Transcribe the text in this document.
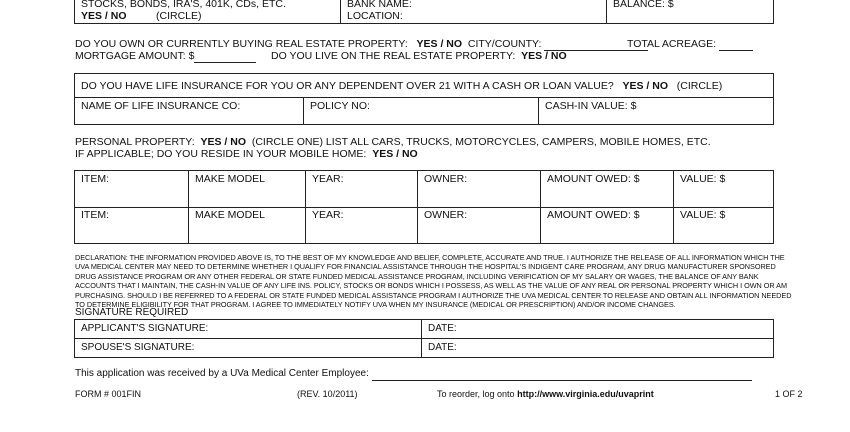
STOCKS, BONDS, IRA'S, 401K, CDs, ETC.
YES / NO	(CIRCLE)
BANK NAME:
LOCATION:
BALANCE: $
DO YOU OWN OR CURRENTLY BUYING REAL ESTATE PROPERTY: YES / NO CITY/COUNTY:	TOTAL ACREAGE:
MORTGAGE AMOUNT: $	DO YOU LIVE ON THE REAL ESTATE PROPERTY: YES / NO
DO YOU HAVE LIFE INSURANCE FOR YOU OR ANY DEPENDENT OVER 21 WITH A CASH OR LOAN VALUE? YES / NO (CIRCLE)
NAME OF LIFE INSURANCE CO:	POLICY NO:	CASH-IN VALUE: $
PERSONAL PROPERTY: YES / NO (CIRCLE ONE) LIST ALL CARS, TRUCKS, MOTORCYCLES, CAMPERS, MOBILE HOMES, ETC.
IF APPLICABLE; DO YOU RESIDE IN YOUR MOBILE HOME: YES / NO
ITEM:	MAKE MODEL	YEAR:	OWNER:	AMOUNT OWED: $	VALUE: $
ITEM:	MAKE MODEL	YEAR:	OWNER:	AMOUNT OWED: $	VALUE: $
DECLARATION: THE INFORMATION PROVIDED ABOVE IS, TO THE BEST OF MY KNOWLEDGE AND BELIEF, COMPLETE, ACCURATE AND TRUE. I AUTHORIZE THE RELEASE OF ALL INFORMATION WHICH THE UVA MEDICAL CENTER MAY NEED TO DETERMINE WHETHER I QUALIFY FOR FINANCIAL ASSISTANCE THROUGH THE HOSPITAL'S INDIGENT CARE PROGRAM, ANY DRUG MANUFACTURER SPONSORED DRUG ASSISTANCE PROGRAM OR ANY OTHER FEDERAL OR STATE FUNDED MEDICAL ASSISTANCE PROGRAM, INCLUDING VERIFICATION OF MY SALARY OR WAGES, THE BALANCE OF ANY BANK ACCOUNTS THAT I MAINTAIN, THE CASH-IN VALUE OF ANY LIFE INS. POLICY, STOCKS OR BONDS WHICH I POSSESS, AS WELL AS THE VALUE OF ANY REAL OR PERSONAL PROPERTY WHICH I OWN OR AM PURCHASING. SHOULD I BE REFERRED TO A FEDERAL OR STATE FUNDED MEDICAL ASSISTANCE PROGRAM I AUTHORIZE THE UVA MEDICAL CENTER TO RELEASE AND OBTAIN ALL INFORMATION NEEDED TO DETERMINE ELIGIBILITY FOR THAT PROGRAM. I AGREE TO IMMEDIATELY NOTIFY UVA WHEN MY INSURANCE (MEDICAL OR PRESCRIPTION) AND/OR INCOME CHANGES.
SIGNATURE REQUIRED
APPLICANT'S SIGNATURE:	DATE:
SPOUSE'S SIGNATURE:	DATE:
This application was received by a UVa Medical Center Employee:
FORM # 001FIN	(REV. 10/2011)	To reorder, log onto http://www.virginia.edu/uvaprint	1 OF 2
